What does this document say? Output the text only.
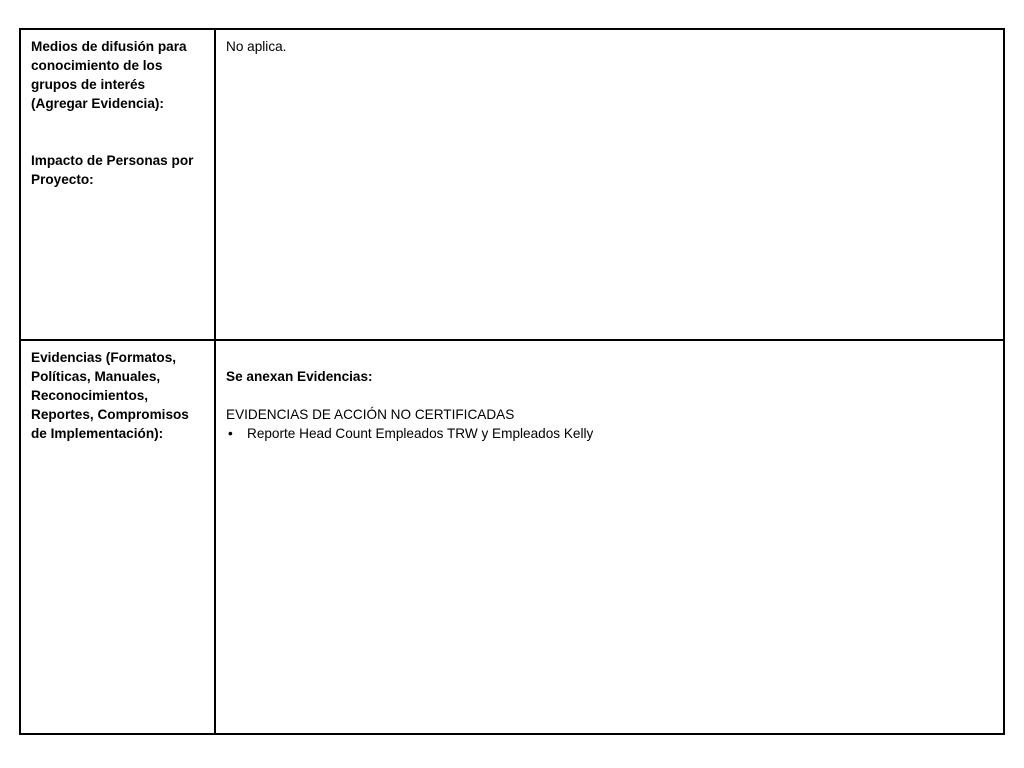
Medios de difusión para conocimiento de los grupos de interés (Agregar Evidencia):

Impacto de Personas por Proyecto:

No aplica.

Evidencias (Formatos, Políticas, Manuales, Reconocimientos, Reportes, Compromisos de Implementación):

Se anexan Evidencias:

EVIDENCIAS DE ACCIÓN NO CERTIFICADAS

•	Reporte Head Count Empleados TRW y Empleados Kelly
